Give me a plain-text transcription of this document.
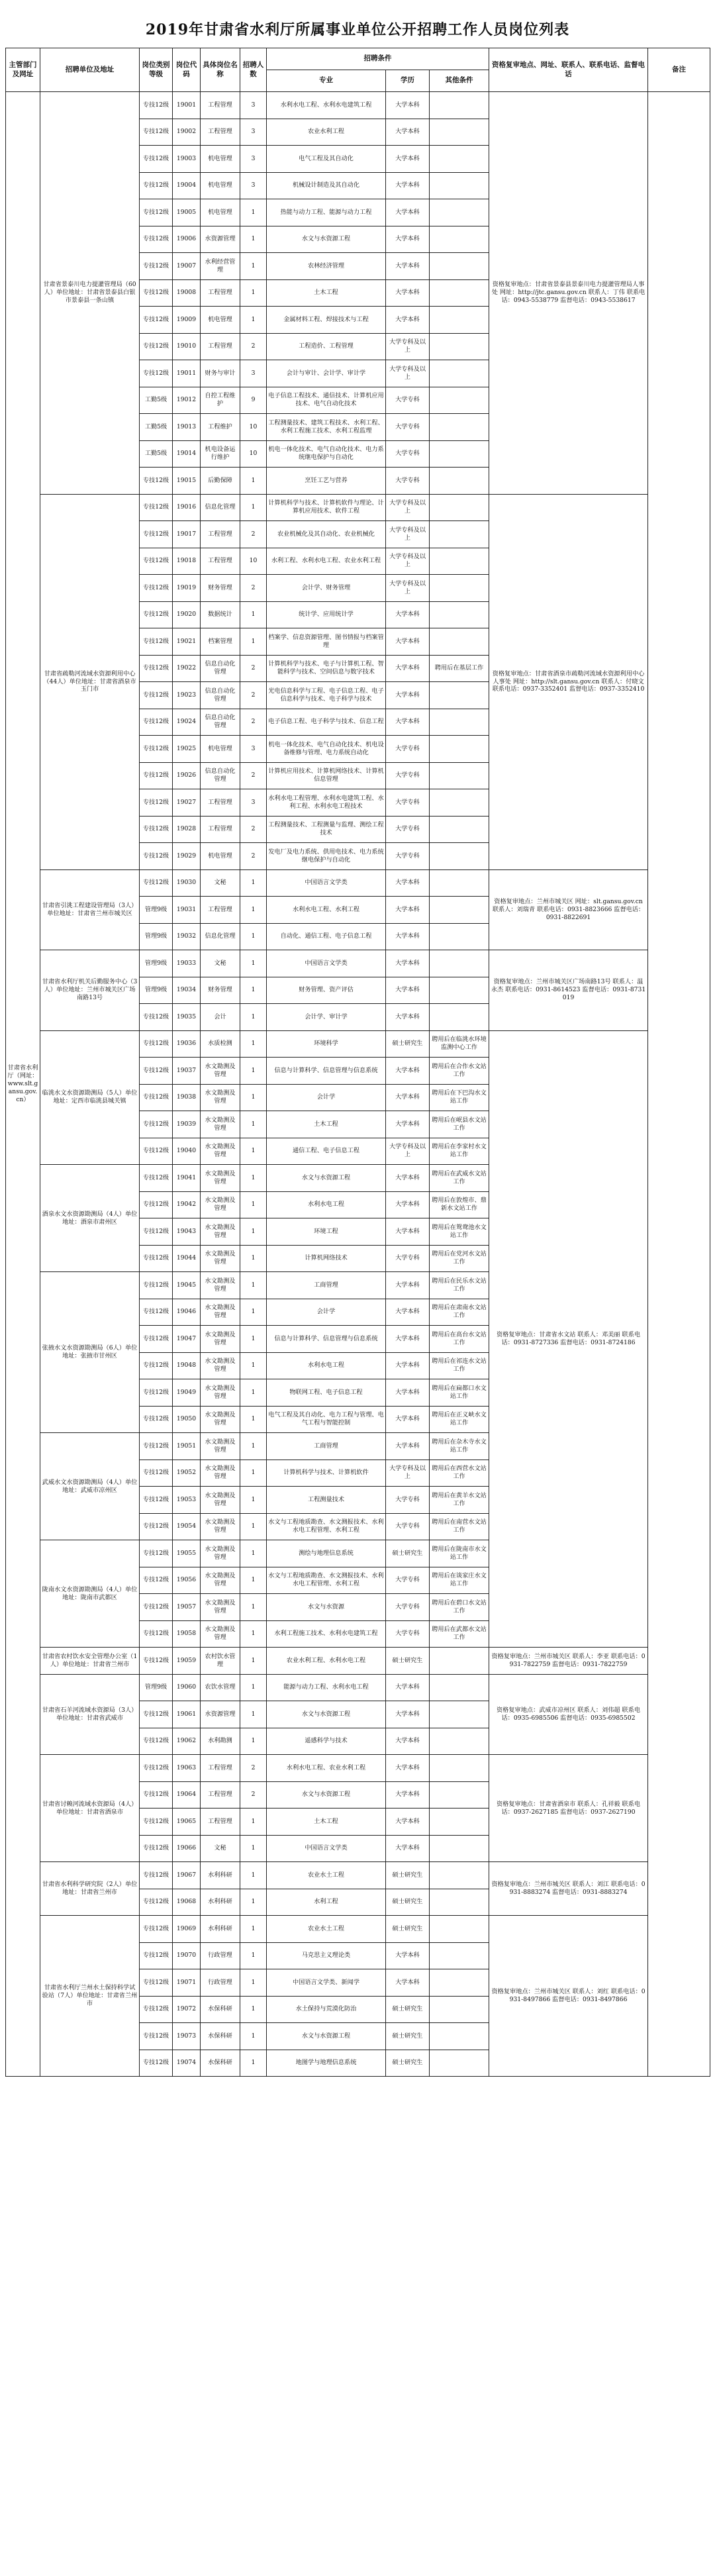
2019年甘肃省水利厅所属事业单位公开招聘工作人员岗位列表
主管部门及网址	招聘单位及地址	岗位类别等级	岗位代码	具体岗位名称	招聘人数	招聘条件			资格复审地点、网址、联系人、联系电话、监督电话	备注
						专业	学历	其他条件		
甘肃省水利厅（网址：www.slt.gansu.gov.cn）	甘肃省景泰川电力提灌管理局（60人）单位地址：甘肃省景泰县白银市景泰县一条山镇	专技12级	19001	工程管理	3	水利水电工程、水利水电建筑工程	大学本科		资格复审地点：甘肃省景泰县景泰川电力提灌管理局人事处 网址：http://jtc.gansu.gov.cn 联系人：丁伟 联系电话：0943-5538779 监督电话：0943-5538617	
		专技12级	19002	工程管理	3	农业水利工程	大学本科			
		专技12级	19003	机电管理	3	电气工程及其自动化	大学本科			
		专技12级	19004	机电管理	3	机械设计制造及其自动化	大学本科			
		专技12级	19005	机电管理	1	热能与动力工程、能源与动力工程	大学本科			
		专技12级	19006	水资源管理	1	水文与水资源工程	大学本科			
		专技12级	19007	水利经营管理	1	农林经济管理	大学本科			
		专技12级	19008	工程管理	1	土木工程	大学本科			
		专技12级	19009	机电管理	1	金属材料工程、焊接技术与工程	大学本科			
		专技12级	19010	工程管理	2	工程造价、工程管理	大学专科及以上			
		专技12级	19011	财务与审计	3	会计与审计、会计学、审计学	大学专科及以上			
		工勤5级	19012	自控工程维护	9	电子信息工程技术、通信技术、计算机应用技术、电气自动化技术	大学专科			
		工勤5级	19013	工程维护	10	工程测量技术、建筑工程技术、水利工程、水利工程施工技术、水利工程监理	大学专科			
		工勤5级	19014	机电设备运行维护	10	机电一体化技术、电气自动化技术、电力系统继电保护与自动化	大学专科			
		专技12级	19015	后勤保障	1	烹饪工艺与营养	大学专科			
	甘肃省疏勒河流域水资源利用中心（44人）单位地址：甘肃省酒泉市玉门市	专技12级	19016	信息化管理	1	计算机科学与技术、计算机软件与理论、计算机应用技术、软件工程	大学专科及以上		资格复审地点：甘肃省酒泉市疏勒河流域水资源利用中心人事处 网址：http://slt.gansu.gov.cn 联系人：付晓文 联系电话：0937-3352401 监督电话：0937-3352410	
		专技12级	19017	工程管理	2	农业机械化及其自动化、农业机械化	大学专科及以上			
		专技12级	19018	工程管理	10	水利工程、水利水电工程、农业水利工程	大学专科及以上			
		专技12级	19019	财务管理	2	会计学、财务管理	大学专科及以上			
		专技12级	19020	数据统计	1	统计学、应用统计学	大学本科			
		专技12级	19021	档案管理	1	档案学、信息资源管理、图书情报与档案管理	大学本科			
		专技12级	19022	信息自动化管理	2	计算机科学与技术、电子与计算机工程、智能科学与技术、空间信息与数字技术	大学本科	聘用后在基层工作		
		专技12级	19023	信息自动化管理	2	光电信息科学与工程、电子信息工程、电子信息科学与技术、电子科学与技术	大学本科			
		专技12级	19024	信息自动化管理	2	电子信息工程、电子科学与技术、信息工程	大学本科			
		专技12级	19025	机电管理	3	机电一体化技术、电气自动化技术、机电设备维修与管理、电力系统自动化	大学专科			
		专技12级	19026	信息自动化管理	2	计算机应用技术、计算机网络技术、计算机信息管理	大学专科			
		专技12级	19027	工程管理	3	水利水电工程管理、水利水电建筑工程、水利工程、水利水电工程技术	大学专科			
		专技12级	19028	工程管理	2	工程测量技术、工程测量与监理、测绘工程技术	大学专科			
		专技12级	19029	机电管理	2	发电厂及电力系统、供用电技术、电力系统继电保护与自动化	大学专科			
	甘肃省引洮工程建设管理局（3人）单位地址：甘肃省兰州市城关区	专技12级	19030	文秘	1	中国语言文学类	大学本科		资格复审地点：兰州市城关区 网址：slt.gansu.gov.cn 联系人：刘瑞青 联系电话：0931-8823666 监督电话：0931-8822691	
		管理9级	19031	工程管理	1	水利水电工程、水利工程	大学本科			
		管理9级	19032	信息化管理	1	自动化、通信工程、电子信息工程	大学本科			
	甘肃省水利厅机关后勤服务中心（3人）单位地址：兰州市城关区广场南路13号	管理9级	19033	文秘	1	中国语言文学类	大学本科		资格复审地点：兰州市城关区广场南路13号 联系人：温永杰 联系电话：0931-8614523 监督电话：0931-8731019	
		管理9级	19034	财务管理	1	财务管理、资产评估	大学本科			
		专技12级	19035	会计	1	会计学、审计学	大学本科			
	临洮水文水资源勘测局（5人）单位地址：定西市临洮县城关镇	专技12级	19036	水质检测	1	环境科学	硕士研究生	聘用后在临洮水环境监测中心工作	资格复审地点：甘肃省水文站 联系人：邓美丽 联系电话：0931-8727336 监督电话：0931-8724186	
		专技12级	19037	水文勘测及管理	1	信息与计算科学、信息管理与信息系统	大学本科	聘用后在合作水文站工作		
		专技12级	19038	水文勘测及管理	1	会计学	大学本科	聘用后在下巴沟水文站工作		
		专技12级	19039	水文勘测及管理	1	土木工程	大学本科	聘用后在岷县水文站工作		
		专技12级	19040	水文勘测及管理	1	通信工程、电子信息工程	大学专科及以上	聘用后在李家村水文站工作		
	酒泉水文水资源勘测局（4人）单位地址：酒泉市肃州区	专技12级	19041	水文勘测及管理	1	水文与水资源工程	大学本科	聘用后在武威水文站工作		
		专技12级	19042	水文勘测及管理	1	水利水电工程	大学本科	聘用后在敦煌市、鼎新水文站工作		
		专技12级	19043	水文勘测及管理	1	环境工程	大学本科	聘用后在鸳鸯池水文站工作		
		专技12级	19044	水文勘测及管理	1	计算机网络技术	大学专科	聘用后在党河水文站工作		
	张掖水文水资源勘测局（6人）单位地址：张掖市甘州区	专技12级	19045	水文勘测及管理	1	工商管理	大学本科	聘用后在民乐水文站工作		
		专技12级	19046	水文勘测及管理	1	会计学	大学本科	聘用后在肃南水文站工作		
		专技12级	19047	水文勘测及管理	1	信息与计算科学、信息管理与信息系统	大学本科	聘用后在高台水文站工作		
		专技12级	19048	水文勘测及管理	1	水利水电工程	大学本科	聘用后在祁连水文站工作		
		专技12级	19049	水文勘测及管理	1	物联网工程、电子信息工程	大学本科	聘用后在扁都口水文站工作		
		专技12级	19050	水文勘测及管理	1	电气工程及其自动化、电力工程与管理、电气工程与智能控制	大学本科	聘用后在正义峡水文站工作		
	武威水文水资源勘测局（4人）单位地址：武威市凉州区	专技12级	19051	水文勘测及管理	1	工商管理	大学本科	聘用后在杂木寺水文站工作		
		专技12级	19052	水文勘测及管理	1	计算机科学与技术、计算机软件	大学专科及以上	聘用后在西营水文站工作		
		专技12级	19053	水文勘测及管理	1	工程测量技术	大学专科	聘用后在黄羊水文站工作		
		专技12级	19054	水文勘测及管理	1	水文与工程地质勘查、水文测报技术、水利水电工程管理、水利工程	大学专科	聘用后在南营水文站工作		
	陇南水文水资源勘测局（4人）单位地址：陇南市武都区	专技12级	19055	水文勘测及管理	1	测绘与地理信息系统	硕士研究生	聘用后在陇南市水文站工作		
		专技12级	19056	水文勘测及管理	1	水文与工程地质勘查、水文测报技术、水利水电工程管理、水利工程	大学专科	聘用后在谈家庄水文站工作		
		专技12级	19057	水文勘测及管理	1	水文与水资源	大学专科	聘用后在碧口水文站工作		
		专技12级	19058	水文勘测及管理	1	水利工程施工技术、水利水电建筑工程	大学专科	聘用后在武都水文站工作		
	甘肃省农村饮水安全管理办公室（1人）单位地址：甘肃省兰州市	专技12级	19059	农村饮水管理	1	农业水利工程、水利水电工程	硕士研究生		资格复审地点：兰州市城关区 联系人：李亚 联系电话：0931-7822759 监督电话：0931-7822759	
	甘肃省石羊河流域水资源局（3人）单位地址：甘肃省武威市	管理9级	19060	农饮水管理	1	能源与动力工程、水利水电工程	大学本科		资格复审地点：武威市凉州区 联系人：刘伟超 联系电话：0935-6985506 监督电话：0935-6985502	
		专技12级	19061	水资源管理	1	水文与水资源工程	大学本科			
		专技12级	19062	水利勘测	1	遥感科学与技术	大学本科			
	甘肃省讨赖河流域水资源局（4人）单位地址：甘肃省酒泉市	专技12级	19063	工程管理	2	水利水电工程、农业水利工程	大学本科		资格复审地点：甘肃省酒泉市 联系人：孔祥毅 联系电话：0937-2627185 监督电话：0937-2627190	
		专技12级	19064	工程管理	2	水文与水资源工程	大学本科			
		专技12级	19065	工程管理	1	土木工程	大学本科			
		专技12级	19066	文秘	1	中国语言文学类	大学本科			
	甘肃省水利科学研究院（2人）单位地址：甘肃省兰州市	专技12级	19067	水利科研	1	农业水土工程	硕士研究生		资格复审地点：兰州市城关区 联系人：刘江 联系电话：0931-8883274 监督电话：0931-8883274	
		专技12级	19068	水利科研	1	水利工程	硕士研究生			
	甘肃省水利厅兰州水土保持科学试验站（7人）单位地址：甘肃省兰州市	专技12级	19069	水利科研	1	农业水土工程	硕士研究生		资格复审地点：兰州市城关区 联系人：刘红 联系电话：0931-8497866 监督电话：0931-8497866	
		专技12级	19070	行政管理	1	马克思主义理论类	大学本科			
		专技12级	19071	行政管理	1	中国语言文学类、新闻学	大学本科			
		专技12级	19072	水保科研	1	水土保持与荒漠化防治	硕士研究生			
		专技12级	19073	水保科研	1	水文与水资源工程	硕士研究生			
		专技12级	19074	水保科研	1	地图学与地理信息系统	硕士研究生			
